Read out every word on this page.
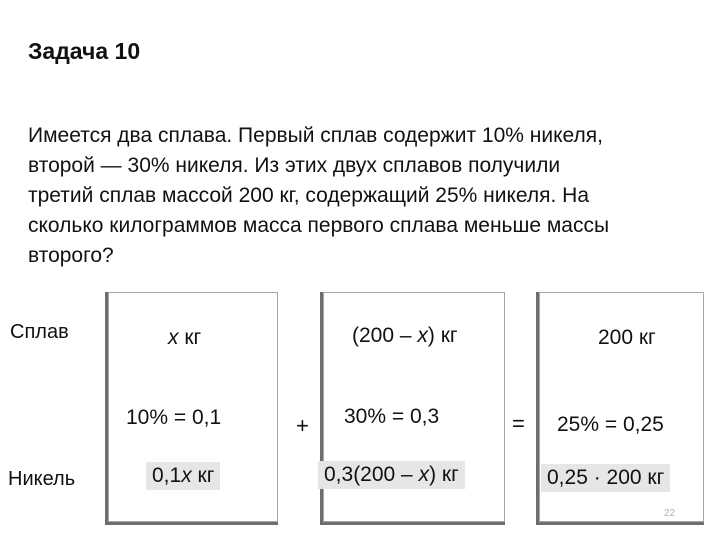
Задача 10
Имеется два сплава. Первый сплав содержит 10% никеля,
второй — 30% никеля. Из этих двух сплавов получили
третий сплав массой 200 кг, содержащий 25% никеля. На
сколько килограммов масса первого сплава меньше массы
второго?
Сплав
Никель
x кг
10% = 0,1
0,1x кг
(200 – x) кг
30% = 0,3
0,3(200 – x) кг
200 кг
25% = 0,25
0,25 · 200 кг
+	=
22
